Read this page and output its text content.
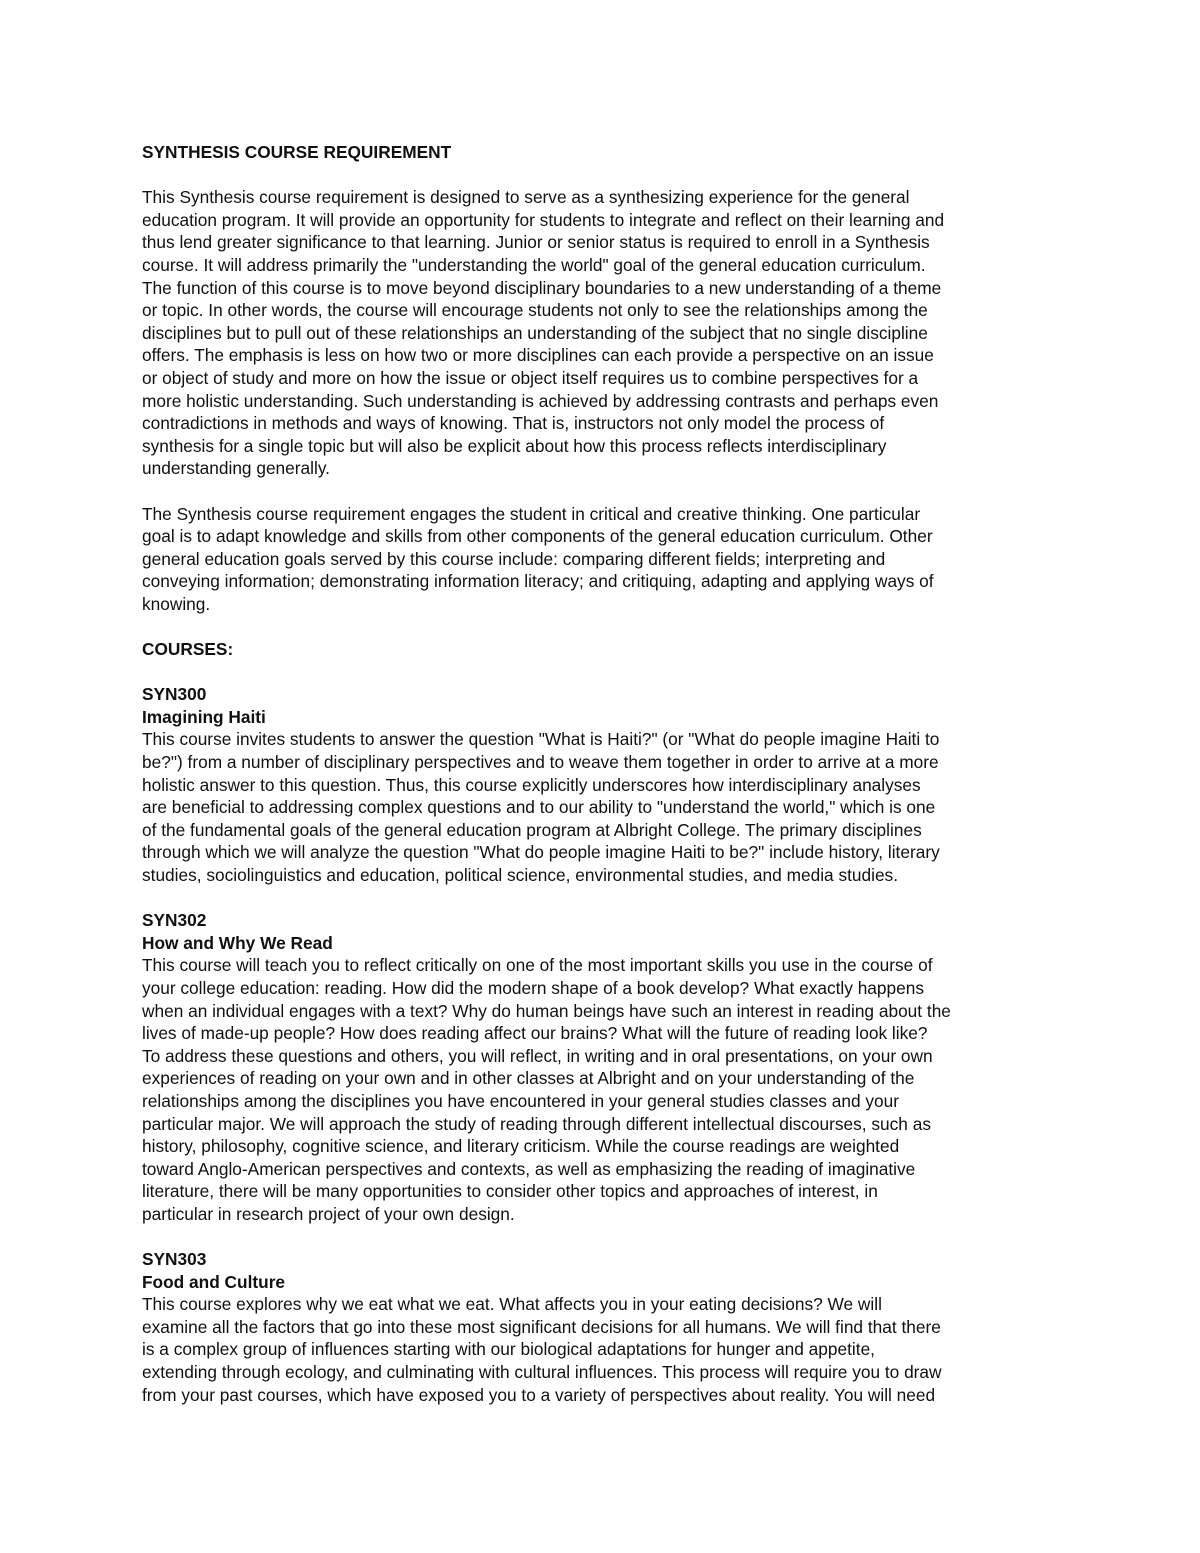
SYNTHESIS COURSE REQUIREMENT

This Synthesis course requirement is designed to serve as a synthesizing experience for the general
education program. It will provide an opportunity for students to integrate and reflect on their learning and
thus lend greater significance to that learning. Junior or senior status is required to enroll in a Synthesis
course. It will address primarily the "understanding the world" goal of the general education curriculum.
The function of this course is to move beyond disciplinary boundaries to a new understanding of a theme
or topic. In other words, the course will encourage students not only to see the relationships among the
disciplines but to pull out of these relationships an understanding of the subject that no single discipline
offers. The emphasis is less on how two or more disciplines can each provide a perspective on an issue
or object of study and more on how the issue or object itself requires us to combine perspectives for a
more holistic understanding. Such understanding is achieved by addressing contrasts and perhaps even
contradictions in methods and ways of knowing. That is, instructors not only model the process of
synthesis for a single topic but will also be explicit about how this process reflects interdisciplinary
understanding generally.

The Synthesis course requirement engages the student in critical and creative thinking. One particular
goal is to adapt knowledge and skills from other components of the general education curriculum. Other
general education goals served by this course include: comparing different fields; interpreting and
conveying information; demonstrating information literacy; and critiquing, adapting and applying ways of
knowing.

COURSES:

SYN300

Imagining Haiti

This course invites students to answer the question "What is Haiti?" (or "What do people imagine Haiti to
be?") from a number of disciplinary perspectives and to weave them together in order to arrive at a more
holistic answer to this question. Thus, this course explicitly underscores how interdisciplinary analyses
are beneficial to addressing complex questions and to our ability to "understand the world," which is one
of the fundamental goals of the general education program at Albright College. The primary disciplines
through which we will analyze the question "What do people imagine Haiti to be?" include history, literary
studies, sociolinguistics and education, political science, environmental studies, and media studies.

SYN302

How and Why We Read

This course will teach you to reflect critically on one of the most important skills you use in the course of
your college education: reading. How did the modern shape of a book develop? What exactly happens
when an individual engages with a text? Why do human beings have such an interest in reading about the
lives of made-up people? How does reading affect our brains? What will the future of reading look like?
To address these questions and others, you will reflect, in writing and in oral presentations, on your own
experiences of reading on your own and in other classes at Albright and on your understanding of the
relationships among the disciplines you have encountered in your general studies classes and your
particular major. We will approach the study of reading through different intellectual discourses, such as
history, philosophy, cognitive science, and literary criticism. While the course readings are weighted
toward Anglo-American perspectives and contexts, as well as emphasizing the reading of imaginative
literature, there will be many opportunities to consider other topics and approaches of interest, in
particular in research project of your own design.

SYN303

Food and Culture

This course explores why we eat what we eat. What affects you in your eating decisions? We will
examine all the factors that go into these most significant decisions for all humans. We will find that there
is a complex group of influences starting with our biological adaptations for hunger and appetite,
extending through ecology, and culminating with cultural influences. This process will require you to draw
from your past courses, which have exposed you to a variety of perspectives about reality. You will need
